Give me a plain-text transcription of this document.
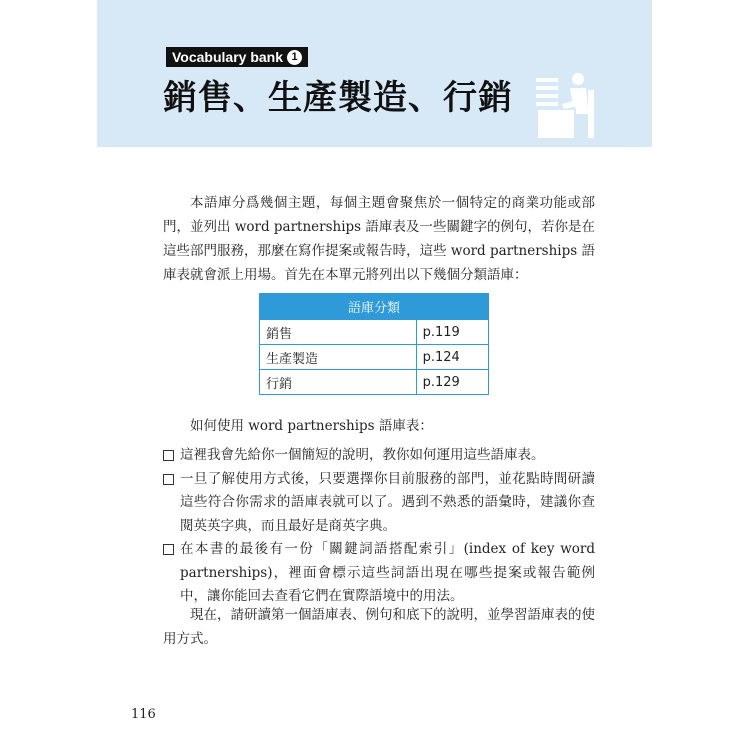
Vocabulary bank 1
銷售、生產製造、行銷

本語庫分爲幾個主題，每個主題會聚焦於一個特定的商業功能或部門，並列出 word partnerships 語庫表及一些關鍵字的例句，若你是在這些部門服務，那麼在寫作提案或報告時，這些 word partnerships 語庫表就會派上用場。首先在本單元將列出以下幾個分類語庫：

語庫分類	
銷售	p.119
生產製造	p.124
行銷	p.129
如何使用 word partnerships 語庫表：
這裡我會先給你一個簡短的說明，教你如何運用這些語庫表。
一旦了解使用方式後，只要選擇你目前服務的部門，並花點時間研讀這些符合你需求的語庫表就可以了。遇到不熟悉的語彙時，建議你查閱英英字典，而且最好是商英字典。
在本書的最後有一份「關鍵詞語搭配索引」(index of key word partnerships)，裡面會標示這些詞語出現在哪些提案或報告範例中，讓你能回去查看它們在實際語境中的用法。

現在，請研讀第一個語庫表、例句和底下的說明，並學習語庫表的使用方式。

116
